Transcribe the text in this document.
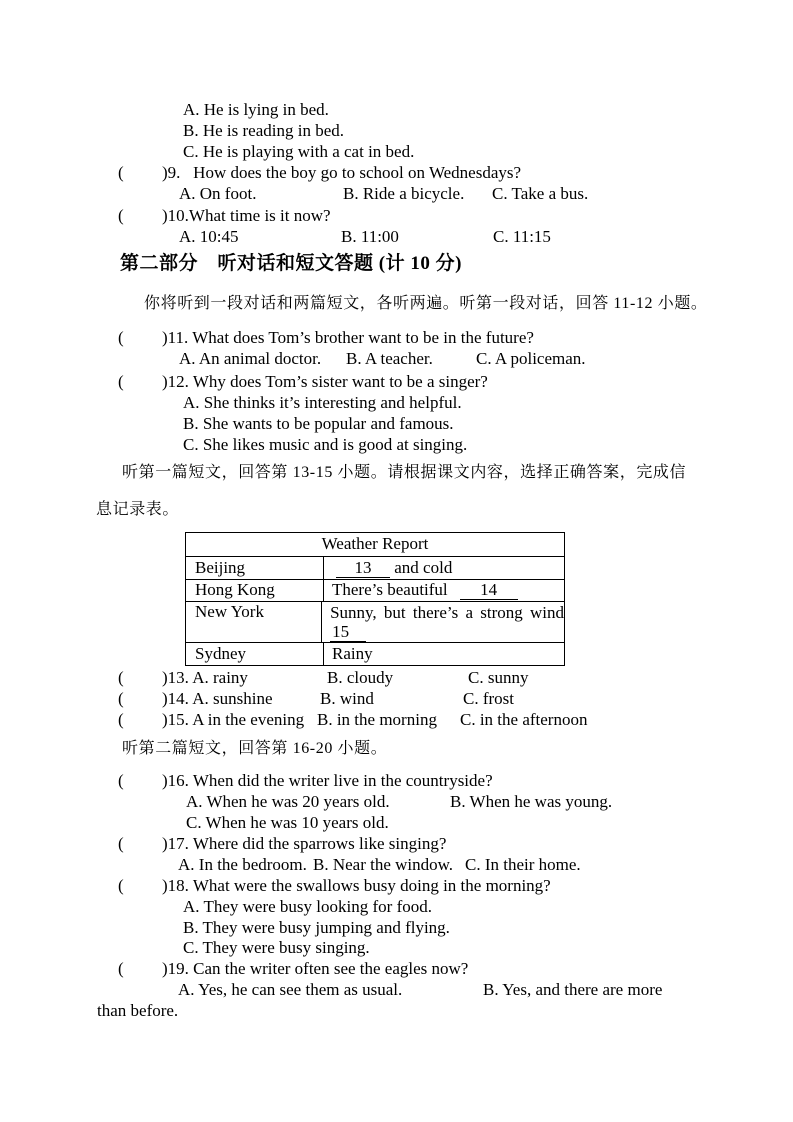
A. He is lying in bed.
B. He is reading in bed.
C. He is playing with a cat in bed.
( )9.   How does the boy go to school on Wednesdays?
A. On foot.	B. Ride a bicycle. C. Take a bus.
( )10.What time is it now?
A. 10:45	B. 11:00	C. 11:15
第二部分　听对话和短文答题 (计 10 分)
你将听到一段对话和两篇短文，各听两遍。听第一段对话，回答 11-12 小题。
( )11. What does Tom’s brother want to be in the future?
A. An animal doctor. B. A teacher.	C. A policeman.
( )12. Why does Tom’s sister want to be a singer?
A. She thinks it’s interesting and helpful.
B. She wants to be popular and famous.
C. She likes music and is good at singing.
听第一篇短文，回答第 13-15 小题。请根据课文内容，选择正确答案，完成信
息记录表。
Weather Report
Beijing	13 and cold
Hong Kong	There’s beautiful 14
New York	Sunny, but there’s a strong wind
15
Sydney	Rainy
( )13. A. rainy	B. cloudy	C. sunny
( )14. A. sunshine	B. wind	C. frost
( )15. A in the evening B. in the morning C. in the afternoon
听第二篇短文，回答第 16-20 小题。
( )16. When did the writer live in the countryside?
A. When he was 20 years old.	B. When he was young.
C. When he was 10 years old.
( )17. Where did the sparrows like singing?
A. In the bedroom. B. Near the window. C. In their home.
( )18. What were the swallows busy doing in the morning?
A. They were busy looking for food.
B. They were busy jumping and flying.
C. They were busy singing.
( )19. Can the writer often see the eagles now?
A. Yes, he can see them as usual.	B. Yes, and there are more
than before.
